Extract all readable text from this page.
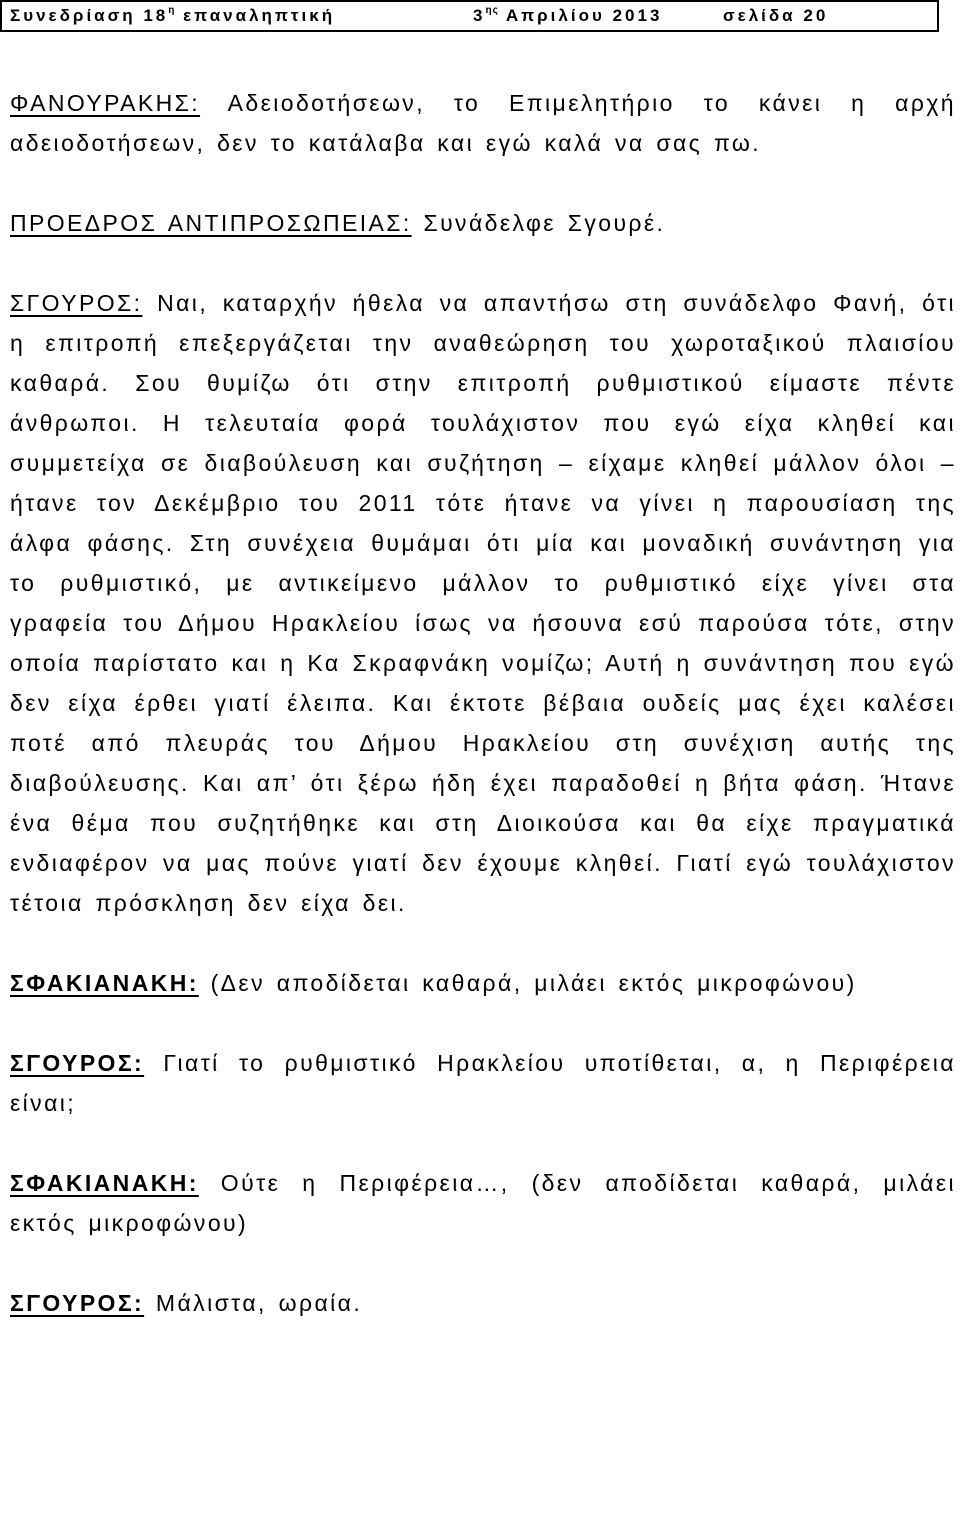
Συνεδρίαση $18^\eta$ επαναληπτική	$3^{\eta\varsigma}$ Απριλίου 2013	σελίδα 20

ΦΑΝΟΥΡΑΚΗΣ: Αδειοδοτήσεων, το Επιμελητήριο το κάνει η αρχή αδειοδοτήσεων, δεν το κατάλαβα και εγώ καλά να σας πω.

ΠΡΟΕΔΡΟΣ ΑΝΤΙΠΡΟΣΩΠΕΙΑΣ: Συνάδελφε Σγουρέ.

ΣΓΟΥΡΟΣ: Ναι, καταρχήν ήθελα να απαντήσω στη συνάδελφο Φανή, ότι η επιτροπή επεξεργάζεται την αναθεώρηση του χωροταξικού πλαισίου καθαρά. Σου θυμίζω ότι στην επιτροπή ρυθμιστικού είμαστε πέντε άνθρωποι. Η τελευταία φορά τουλάχιστον που εγώ είχα κληθεί και συμμετείχα σε διαβούλευση και συζήτηση – είχαμε κληθεί μάλλον όλοι – ήτανε τον Δεκέμβριο του 2011 τότε ήτανε να γίνει η παρουσίαση της άλφα φάσης. Στη συνέχεια θυμάμαι ότι μία και μοναδική συνάντηση για το ρυθμιστικό, με αντικείμενο μάλλον το ρυθμιστικό είχε γίνει στα γραφεία του Δήμου Ηρακλείου ίσως να ήσουνα εσύ παρούσα τότε, στην οποία παρίστατο και η Κα Σκραφνάκη νομίζω; Αυτή η συνάντηση που εγώ δεν είχα έρθει γιατί έλειπα. Και έκτοτε βέβαια ουδείς μας έχει καλέσει ποτέ από πλευράς του Δήμου Ηρακλείου στη συνέχιση αυτής της διαβούλευσης. Και απ’ ότι ξέρω ήδη έχει παραδοθεί η βήτα φάση. Ήτανε ένα θέμα που συζητήθηκε και στη Διοικούσα και θα είχε πραγματικά ενδιαφέρον να μας πούνε γιατί δεν έχουμε κληθεί. Γιατί εγώ τουλάχιστον τέτοια πρόσκληση δεν είχα δει.

ΣΦΑΚΙΑΝΑΚΗ: (Δεν αποδίδεται καθαρά, μιλάει εκτός μικροφώνου)

ΣΓΟΥΡΟΣ: Γιατί το ρυθμιστικό Ηρακλείου υποτίθεται, α, η Περιφέρεια είναι;

ΣΦΑΚΙΑΝΑΚΗ: Ούτε η Περιφέρεια…, (δεν αποδίδεται καθαρά, μιλάει εκτός μικροφώνου)

ΣΓΟΥΡΟΣ: Μάλιστα, ωραία.
